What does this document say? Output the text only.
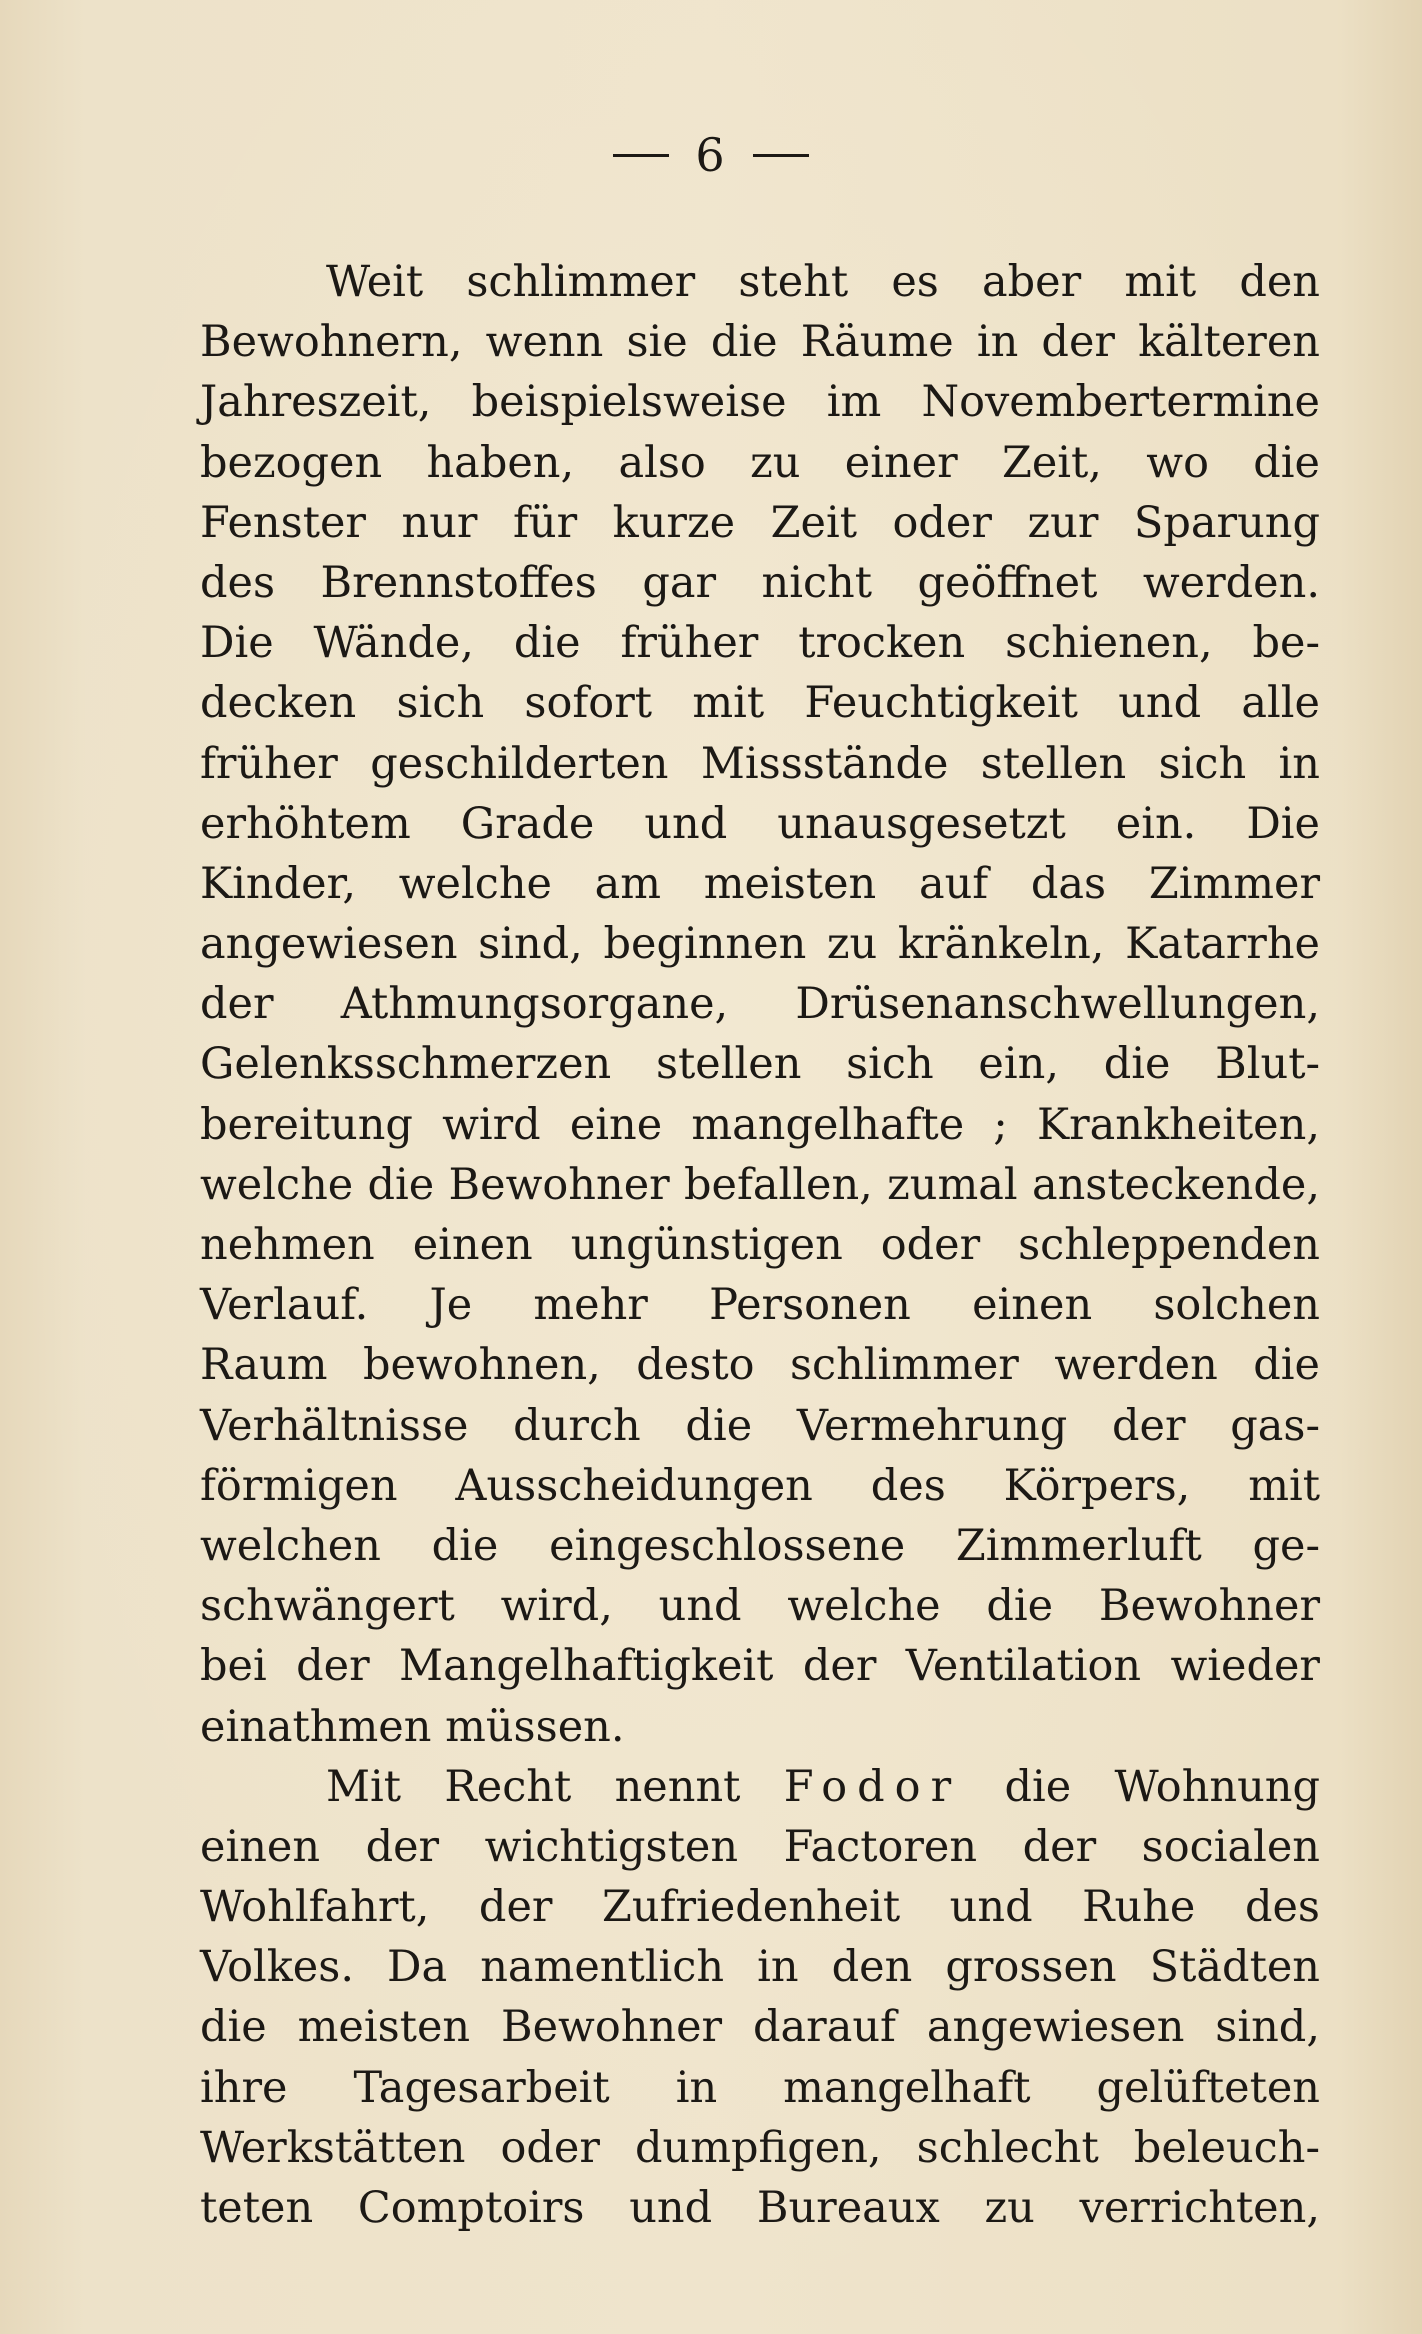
6
Weit schlimmer steht es aber mit den
Bewohnern, wenn sie die Räume in der kälteren
Jahreszeit, beispielsweise im Novembertermine
bezogen haben, also zu einer Zeit, wo die
Fenster nur für kurze Zeit oder zur Sparung
des Brennstoffes gar nicht geöffnet werden.
Die Wände, die früher trocken schienen, be-
decken sich sofort mit Feuchtigkeit und alle
früher geschilderten Missstände stellen sich in
erhöhtem Grade und unausgesetzt ein. Die
Kinder, welche am meisten auf das Zimmer
angewiesen sind, beginnen zu kränkeln, Katarrhe
der Athmungsorgane, Drüsenanschwellungen,
Gelenksschmerzen stellen sich ein, die Blut-
bereitung wird eine mangelhafte ; Krankheiten,
welche die Bewohner befallen, zumal ansteckende,
nehmen einen ungünstigen oder schleppenden
Verlauf. Je mehr Personen einen solchen
Raum bewohnen, desto schlimmer werden die
Verhältnisse durch die Vermehrung der gas-
förmigen Ausscheidungen des Körpers, mit
welchen die eingeschlossene Zimmerluft ge-
schwängert wird, und welche die Bewohner
bei der Mangelhaftigkeit der Ventilation wieder
einathmen müssen.
Mit Recht nennt Fodor die Wohnung
einen der wichtigsten Factoren der socialen
Wohlfahrt, der Zufriedenheit und Ruhe des
Volkes. Da namentlich in den grossen Städten
die meisten Bewohner darauf angewiesen sind,
ihre Tagesarbeit in mangelhaft gelüfteten
Werkstätten oder dumpfigen, schlecht beleuch-
teten Comptoirs und Bureaux zu verrichten,
